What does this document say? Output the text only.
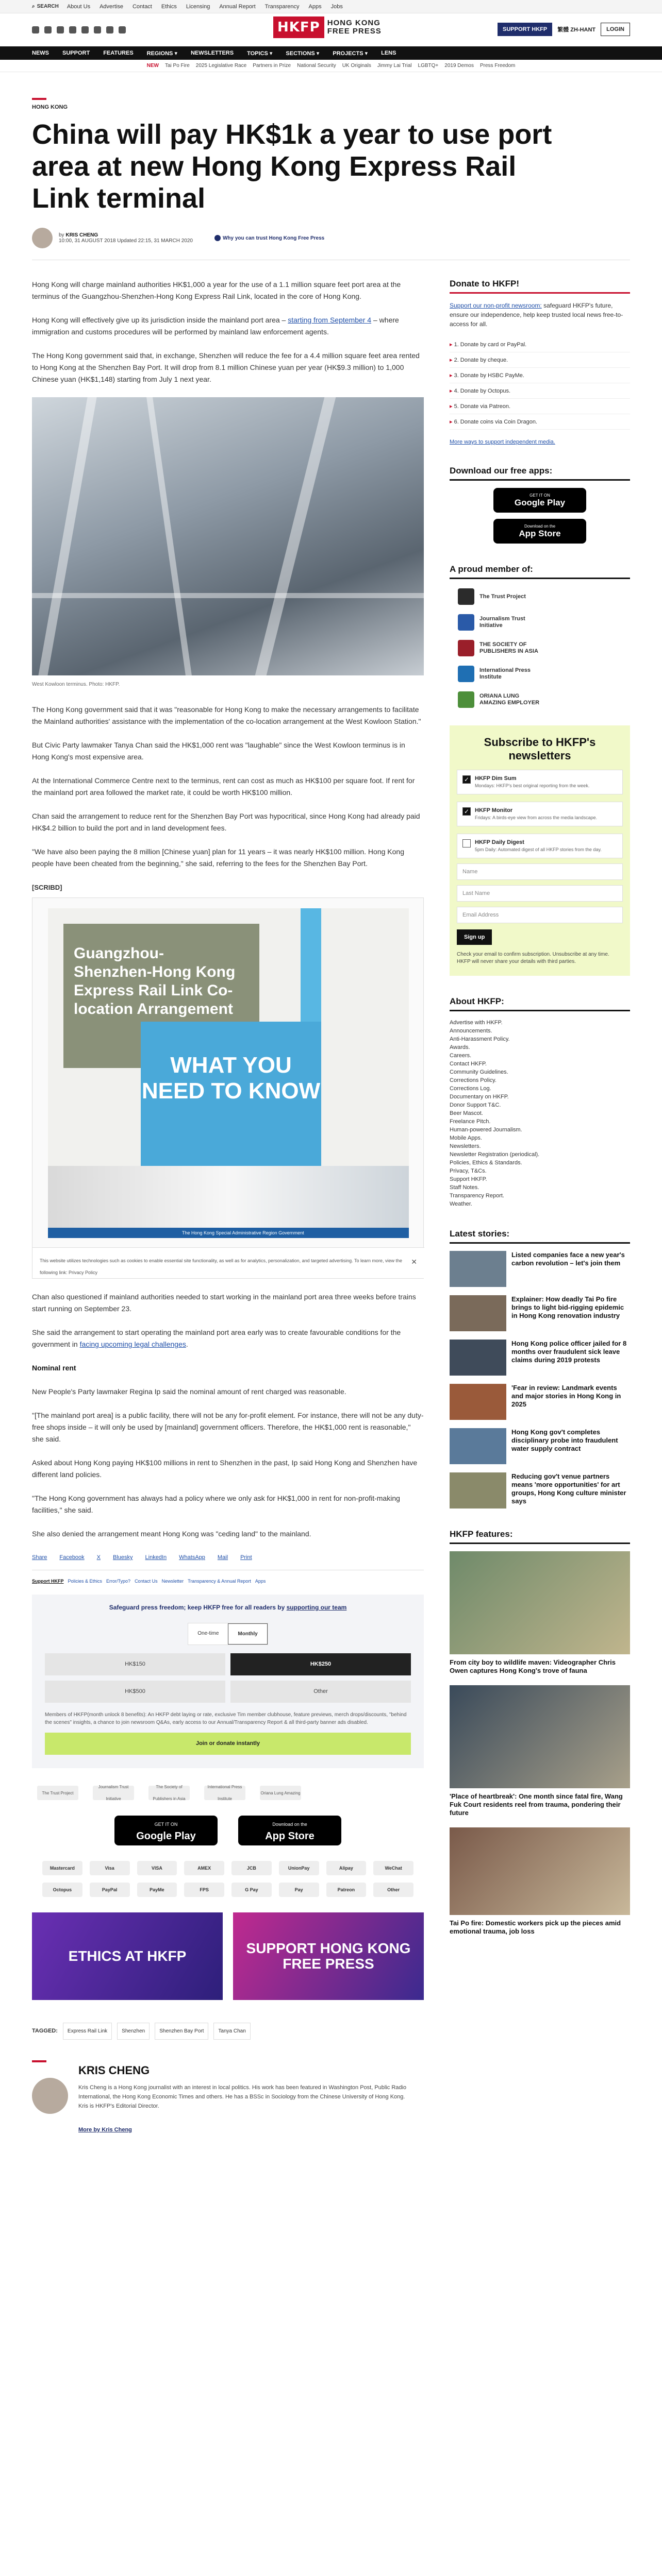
⌕ SEARCH About Us Advertise Contact Ethics Licensing Annual Report Transparency Apps Jobs
HKFP HONG KONG
FREE PRESS	SUPPORT HKFP	繁體 ZH-HANT	LOGIN
NEWS SUPPORT FEATURES REGIONS ▾ NEWSLETTERS TOPICS ▾ SECTIONS ▾ PROJECTS ▾ LENS
NEW Tai Po Fire 2025 Legislative Race Partners in Prize National Security UK Originals Jimmy Lai Trial LGBTQ+ 2019 Demos Press Freedom
HONG KONG
China will pay HK$1k a year to use port area at new Hong Kong Express Rail Link terminal
by KRIS CHENG
10:00, 31 AUGUST 2018 Updated 22:15, 31 MARCH 2020	Why you can trust Hong Kong Free Press

Hong Kong will charge mainland authorities HK$1,000 a year for the use of a 1.1 million square feet port area at the terminus of the Guangzhou-Shenzhen-Hong Kong Express Rail Link, located in the core of Hong Kong.

Hong Kong will effectively give up its jurisdiction inside the mainland port area – starting from September 4 – where immigration and customs procedures will be performed by mainland law enforcement agents.

The Hong Kong government said that, in exchange, Shenzhen will reduce the fee for a 4.4 million square feet area rented to Hong Kong at the Shenzhen Bay Port. It will drop from 8.1 million Chinese yuan per year (HK$9.3 million) to 1,000 Chinese yuan (HK$1,148) starting from July 1 next year.

West Kowloon terminus. Photo: HKFP.

The Hong Kong government said that it was "reasonable for Hong Kong to make the necessary arrangements to facilitate the Mainland authorities' assistance with the implementation of the co-location arrangement at the West Kowloon Station."

But Civic Party lawmaker Tanya Chan said the HK$1,000 rent was "laughable" since the West Kowloon terminus is in Hong Kong's most expensive area.

At the International Commerce Centre next to the terminus, rent can cost as much as HK$100 per square foot. If rent for the mainland port area followed the market rate, it could be worth HK$100 million.

Chan said the arrangement to reduce rent for the Shenzhen Bay Port was hypocritical, since Hong Kong had already paid HK$4.2 billion to build the port and in land development fees.

"We have also been paying the 8 million [Chinese yuan] plan for 11 years – it was nearly HK$100 million. Hong Kong people have been cheated from the beginning," she said, referring to the fees for the Shenzhen Bay Port.

[SCRIBD]
Guangzhou-Shenzhen-Hong Kong Express Rail Link Co-location Arrangement
WHAT YOU NEED TO KNOW
The Hong Kong Special Administrative Region Government
This website utilizes technologies such as cookies to enable essential site functionality, as well as for analytics, personalization, and targeted advertising. To learn more, view the following link: Privacy Policy
✕

Chan also questioned if mainland authorities needed to start working in the mainland port area three weeks before trains start running on September 23.

She said the arrangement to start operating the mainland port area early was to create favourable conditions for the government in facing upcoming legal challenges.

Nominal rent

New People's Party lawmaker Regina Ip said the nominal amount of rent charged was reasonable.

"[The mainland port area] is a public facility, there will not be any for-profit element. For instance, there will not be any duty-free shops inside – it will only be used by [mainland] government officers. Therefore, the HK$1,000 rent is reasonable," she said.

Asked about Hong Kong paying HK$100 millions in rent to Shenzhen in the past, Ip said Hong Kong and Shenzhen have different land policies.

"The Hong Kong government has always had a policy where we only ask for HK$1,000 in rent for non-profit-making facilities," she said.

She also denied the arrangement meant Hong Kong was "ceding land" to the mainland.

Share Facebook X Bluesky LinkedIn WhatsApp Mail Print
Support HKFP Policies & Ethics Error/Typo? Contact Us Newsletter Transparency & Annual Report Apps
Safeguard press freedom; keep HKFP free for all readers by supporting our team
One-time	Monthly
HK$150	HK$250
HK$500	Other
Members of HKFP(month unlock 8 benefits): An HKFP debt laying or rate, exclusive Tim member clubhouse, feature previews, merch drops/discounts, "behind the scenes" insights, a chance to join newsroom Q&As, early access to our Annual/Transparency Report & all third-party banner ads disabled.
Join or donate instantly
The Trust Project
Journalism Trust Initiative
The Society of Publishers in Asia
International Press Institute
Oriana Lung Amazing
GET IT ON
Google Play
Download on the
App Store
Mastercard	Visa	VISA	AMEX	JCB	UnionPay	Alipay	WeChat
Octopus	PayPal	PayMe	FPS	G Pay	Pay	Patreon	Other
ETHICS AT HKFP	SUPPORT HONG KONG FREE PRESS
TAGGED:	Express Rail Link	Shenzhen	Shenzhen Bay Port	Tanya Chan
KRIS CHENG
Kris Cheng is a Hong Kong journalist with an interest in local politics. His work has been featured in Washington Post, Public Radio International, the Hong Kong Economic Times and others. He has a BSSc in Sociology from the Chinese University of Hong Kong. Kris is HKFP's Editorial Director.
More by Kris Cheng
Donate to HKFP!
Support our non-profit newsroom: safeguard HKFP's future, ensure our independence, help keep trusted local news free-to-access for all.
▸ 1. Donate by card or PayPal.
▸ 2. Donate by cheque.
▸ 3. Donate by HSBC PayMe.
▸ 4. Donate by Octopus.
▸ 5. Donate via Patreon.
▸ 6. Donate coins via Coin Dragon.
More ways to support independent media.
Download our free apps:
GET IT ON
Google Play
Download on the
App Store
A proud member of:
The Trust Project
Journalism Trust Initiative
THE SOCIETY OF PUBLISHERS IN ASIA
International Press Institute
ORIANA LUNG AMAZING EMPLOYER
Subscribe to HKFP's newsletters
✓ HKFP Dim Sum
Mondays: HKFP's best original reporting from the week.
✓ HKFP Monitor
Fridays: A birds-eye view from across the media landscape.
HKFP Daily Digest
5pm Daily: Automated digest of all HKFP stories from the day.
Name
Last Name
Email Address
Sign up
Check your email to confirm subscription. Unsubscribe at any time. HKFP will never share your details with third parties.
About HKFP:
Advertise with HKFP.
Announcements.
Anti-Harassment Policy.
Awards.
Careers.
Contact HKFP.
Community Guidelines.
Corrections Policy.
Corrections Log.
Documentary on HKFP.
Donor Support T&C.
Beer Mascot.
Freelance Pitch.
Human-powered Journalism.
Mobile Apps.
Newsletters.
Newsletter Registration (periodical).
Policies, Ethics & Standards.
Privacy, T&Cs.
Support HKFP.
Staff Notes.
Transparency Report.
Weather.
Latest stories:
Listed companies face a new year's carbon revolution – let's join them
Explainer: How deadly Tai Po fire brings to light bid-rigging epidemic in Hong Kong renovation industry
Hong Kong police officer jailed for 8 months over fraudulent sick leave claims during 2019 protests
'Fear in review: Landmark events and major stories in Hong Kong in 2025
Hong Kong gov't completes disciplinary probe into fraudulent water supply contract
Reducing gov't venue partners means 'more opportunities' for art groups, Hong Kong culture minister says
HKFP features:
From city boy to wildlife maven: Videographer Chris Owen captures Hong Kong's trove of fauna
'Place of heartbreak': One month since fatal fire, Wang Fuk Court residents reel from trauma, pondering their future
Tai Po fire: Domestic workers pick up the pieces amid emotional trauma, job loss
